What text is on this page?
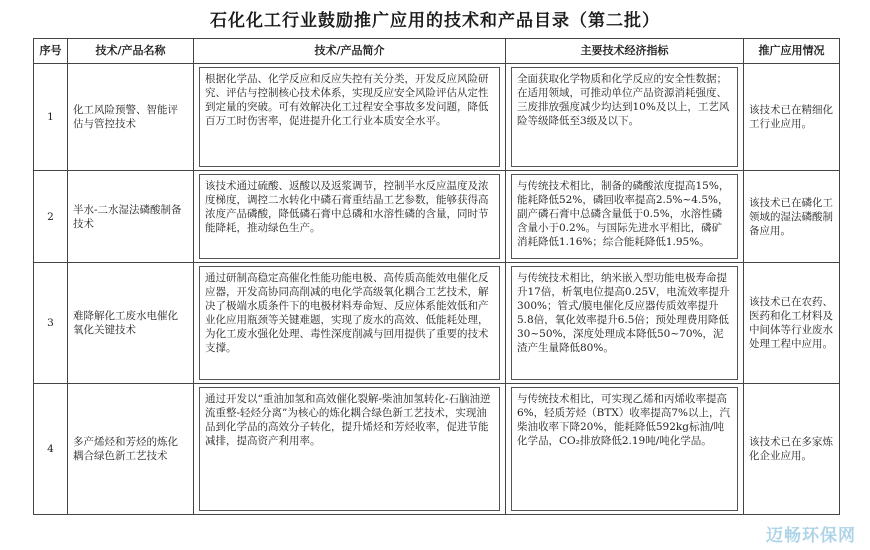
石化化工行业鼓励推广应用的技术和产品目录（第二批）
序号	技术/产品名称	技术/产品简介	主要技术经济指标	推广应用情况
1	化工风险预警、智能评估与管控技术	根据化学品、化学反应和反应失控有关分类，开发反应风险研究、评估与控制核心技术体系，实现反应安全风险评估从定性到定量的突破。可有效解决化工过程安全事故多发问题，降低百万工时伤害率，促进提升化工行业本质安全水平。	全面获取化学物质和化学反应的安全性数据；在适用领域，可推动单位产品资源消耗强度、三废排放强度减少均达到10%及以上，工艺风险等级降低至3级及以下。	该技术已在精细化工行业应用。
2	半水-二水湿法磷酸制备技术	该技术通过硫酸、返酸以及返浆调节，控制半水反应温度及浓度梯度，调控二水转化中磷石膏重结晶工艺参数，能够获得高浓度产品磷酸，降低磷石膏中总磷和水溶性磷的含量，同时节能降耗，推动绿色生产。	与传统技术相比，制备的磷酸浓度提高15%，能耗降低52%，磷回收率提高2.5%~4.5%，副产磷石膏中总磷含量低于0.5%，水溶性磷含量小于0.2%。与国际先进水平相比，磷矿消耗降低1.16%；综合能耗降低1.95%。	该技术已在磷化工领域的湿法磷酸制备应用。
3	难降解化工废水电催化氧化关键技术	通过研制高稳定高催化性能功能电极、高传质高能效电催化反应器，开发高协同高削减的电化学高级氧化耦合工艺技术，解决了极端水质条件下的电极材料寿命短、反应体系能效低和产业化应用瓶颈等关键难题，实现了废水的高效、低能耗处理，为化工废水强化处理、毒性深度削减与回用提供了重要的技术支撑。	与传统技术相比，纳米嵌入型功能电极寿命提升17倍，析氧电位提高0.25V，电流效率提升300%；管式/膜电催化反应器传质效率提升5.8倍，氧化效率提升6.5倍；预处理费用降低30~50%，深度处理成本降低50~70%，泥渣产生量降低80%。	该技术已在农药、医药和化工材料及中间体等行业废水处理工程中应用。
4	多产烯烃和芳烃的炼化耦合绿色新工艺技术	通过开发以“重油加氢和高效催化裂解-柴油加氢转化-石脑油逆流重整-轻烃分离”为核心的炼化耦合绿色新工艺技术，实现油品到化学品的高效分子转化，提升烯烃和芳烃收率，促进节能减排，提高资产利用率。	与传统技术相比，可实现乙烯和丙烯收率提高6%，轻质芳烃（BTX）收率提高7%以上，汽柴油收率下降20%，能耗降低592kg标油/吨化学品，CO₂排放降低2.19吨/吨化学品。	该技术已在多家炼化企业应用。
迈畅环保网
